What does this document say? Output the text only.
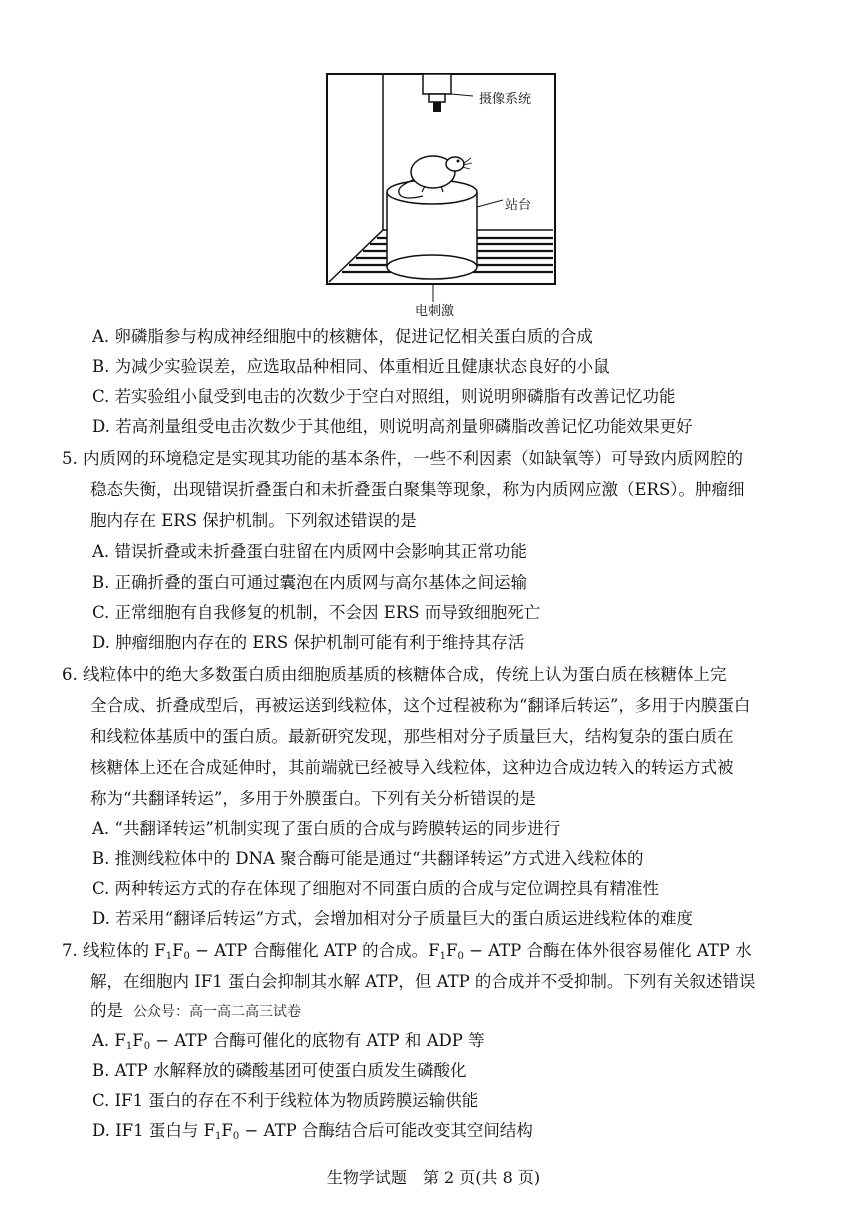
摄像系统
站台
电刺激
A. 卵磷脂参与构成神经细胞中的核糖体，促进记忆相关蛋白质的合成
B. 为减少实验误差，应选取品种相同、体重相近且健康状态良好的小鼠
C. 若实验组小鼠受到电击的次数少于空白对照组，则说明卵磷脂有改善记忆功能
D. 若高剂量组受电击次数少于其他组，则说明高剂量卵磷脂改善记忆功能效果更好
5. 内质网的环境稳定是实现其功能的基本条件，一些不利因素（如缺氧等）可导致内质网腔的
稳态失衡，出现错误折叠蛋白和未折叠蛋白聚集等现象，称为内质网应激（ERS）。肿瘤细
胞内存在 ERS 保护机制。下列叙述错误的是
A. 错误折叠或未折叠蛋白驻留在内质网中会影响其正常功能
B. 正确折叠的蛋白可通过囊泡在内质网与高尔基体之间运输
C. 正常细胞有自我修复的机制，不会因 ERS 而导致细胞死亡
D. 肿瘤细胞内存在的 ERS 保护机制可能有利于维持其存活
6. 线粒体中的绝大多数蛋白质由细胞质基质的核糖体合成，传统上认为蛋白质在核糖体上完
全合成、折叠成型后，再被运送到线粒体，这个过程被称为“翻译后转运”，多用于内膜蛋白
和线粒体基质中的蛋白质。最新研究发现，那些相对分子质量巨大，结构复杂的蛋白质在
核糖体上还在合成延伸时，其前端就已经被导入线粒体，这种边合成边转入的转运方式被
称为“共翻译转运”，多用于外膜蛋白。下列有关分析错误的是
A. “共翻译转运”机制实现了蛋白质的合成与跨膜转运的同步进行
B. 推测线粒体中的 DNA 聚合酶可能是通过“共翻译转运”方式进入线粒体的
C. 两种转运方式的存在体现了细胞对不同蛋白质的合成与定位调控具有精准性
D. 若采用“翻译后转运”方式，会增加相对分子质量巨大的蛋白质运进线粒体的难度
7. 线粒体的 $F_1F_0$ − ATP 合酶催化 ATP 的合成。$F_1F_0$ − ATP 合酶在体外很容易催化 ATP 水
解，在细胞内 IF1 蛋白会抑制其水解 ATP，但 ATP 的合成并不受抑制。下列有关叙述错误
的是 公众号：高一高二高三试卷
A. $F_1F_0$ − ATP 合酶可催化的底物有 ATP 和 ADP 等
B. ATP 水解释放的磷酸基团可使蛋白质发生磷酸化
C. IF1 蛋白的存在不利于线粒体为物质跨膜运输供能
D. IF1 蛋白与 $F_1F_0$ − ATP 合酶结合后可能改变其空间结构
生物学试题　第 2 页(共 8 页)
